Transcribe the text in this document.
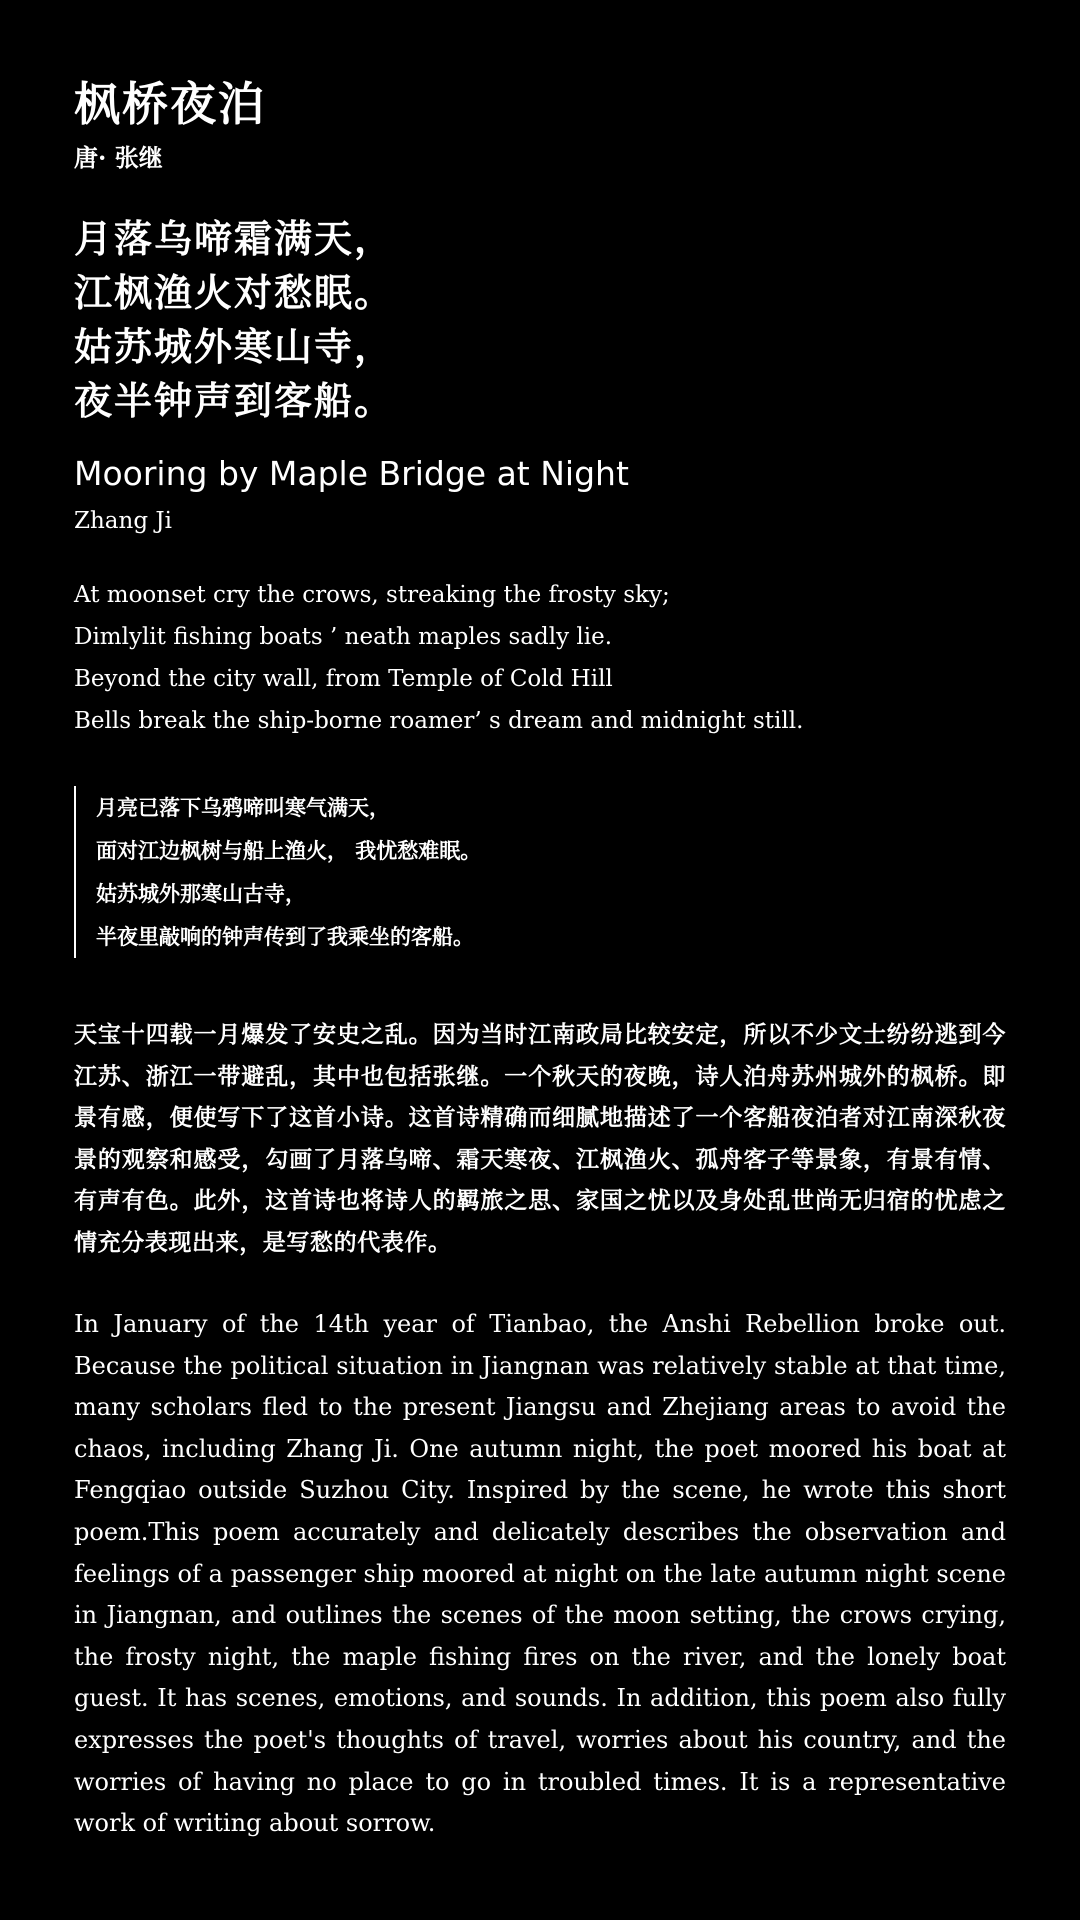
枫桥夜泊
唐· 张继
月落乌啼霜满天，
江枫渔火对愁眠。
姑苏城外寒山寺，
夜半钟声到客船。
Mooring by Maple Bridge at Night
Zhang Ji
At moonset cry the crows, streaking the frosty sky;
Dimlylit fishing boats ’ neath maples sadly lie.
Beyond the city wall, from Temple of Cold Hill
Bells break the ship-borne roamer’ s dream and midnight still.
月亮已落下乌鸦啼叫寒气满天，
面对江边枫树与船上渔火， 我忧愁难眠。
姑苏城外那寒山古寺，
半夜里敲响的钟声传到了我乘坐的客船。

天宝十四载一月爆发了安史之乱。因为当时江南政局比较安定，所以不少文士纷纷逃到今江苏、浙江一带避乱，其中也包括张继。一个秋天的夜晚，诗人泊舟苏州城外的枫桥。即景有感，便使写下了这首小诗。这首诗精确而细腻地描述了一个客船夜泊者对江南深秋夜景的观察和感受，勾画了月落乌啼、霜天寒夜、江枫渔火、孤舟客子等景象，有景有情、有声有色。此外，这首诗也将诗人的羁旅之思、家国之忧以及身处乱世尚无归宿的忧虑之情充分表现出来，是写愁的代表作。

In January of the 14th year of Tianbao, the Anshi Rebellion broke out. Because the political situation in Jiangnan was relatively stable at that time, many scholars fled to the present Jiangsu and Zhejiang areas to avoid the chaos, including Zhang Ji. One autumn night, the poet moored his boat at Fengqiao outside Suzhou City. Inspired by the scene, he wrote this short poem.This poem accurately and delicately describes the observation and feelings of a passenger ship moored at night on the late autumn night scene in Jiangnan, and outlines the scenes of the moon setting, the crows crying, the frosty night, the maple fishing fires on the river, and the lonely boat guest. It has scenes, emotions, and sounds. In addition, this poem also fully expresses the poet's thoughts of travel, worries about his country, and the worries of having no place to go in troubled times. It is a representative work of writing about sorrow.
